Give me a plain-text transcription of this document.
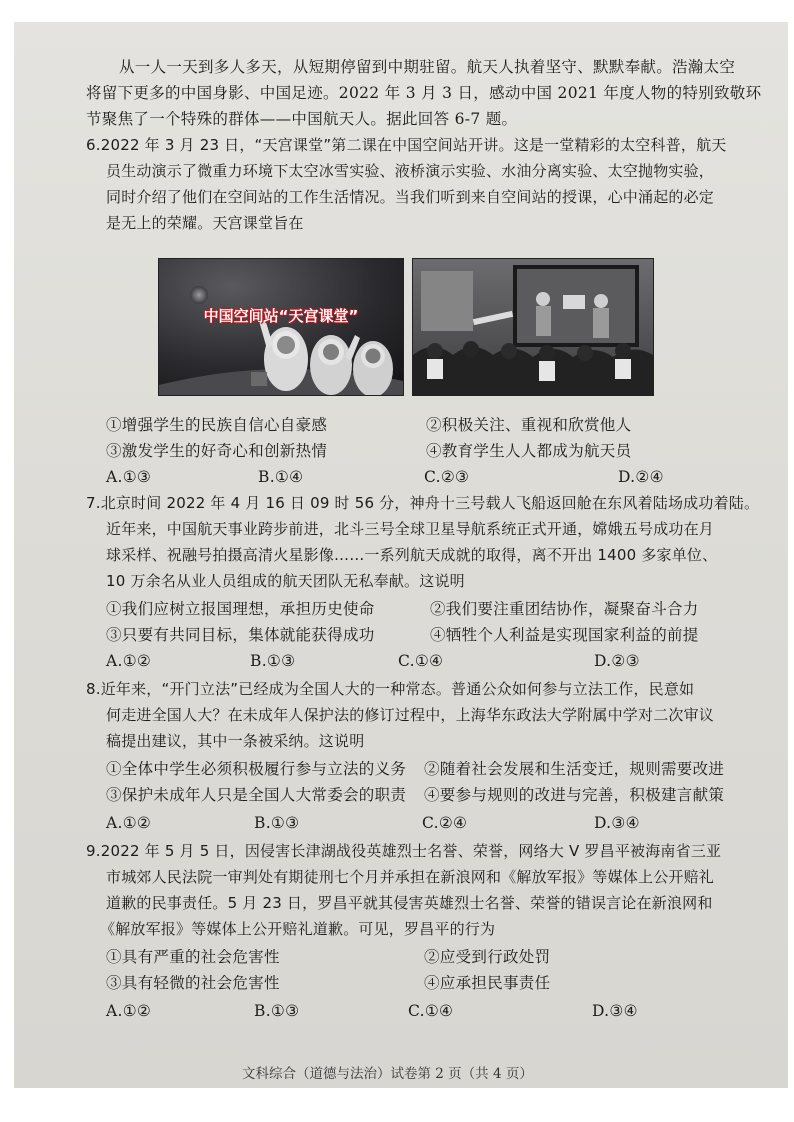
从一人一天到多人多天，从短期停留到中期驻留。航天人执着坚守、默默奉献。浩瀚太空
将留下更多的中国身影、中国足迹。2022 年 3 月 3 日，感动中国 2021 年度人物的特别致敬环
节聚焦了一个特殊的群体——中国航天人。据此回答 6-7 题。
6.2022 年 3 月 23 日，“天宫课堂”第二课在中国空间站开讲。这是一堂精彩的太空科普，航天
员生动演示了微重力环境下太空冰雪实验、液桥演示实验、水油分离实验、太空抛物实验，
同时介绍了他们在空间站的工作生活情况。当我们听到来自空间站的授课，心中涌起的必定
是无上的荣耀。天宫课堂旨在
中国空间站“天宫课堂”
①增强学生的民族自信心自豪感	②积极关注、重视和欣赏他人
③激发学生的好奇心和创新热情	④教育学生人人都成为航天员
A.①③	B.①④	C.②③	D.②④
7.北京时间 2022 年 4 月 16 日 09 时 56 分，神舟十三号载人飞船返回舱在东风着陆场成功着陆。
近年来，中国航天事业跨步前进，北斗三号全球卫星导航系统正式开通，嫦娥五号成功在月
球采样、祝融号拍摄高清火星影像……一系列航天成就的取得，离不开出 1400 多家单位、
10 万余名从业人员组成的航天团队无私奉献。这说明
①我们应树立报国理想，承担历史使命	②我们要注重团结协作，凝聚奋斗合力
③只要有共同目标，集体就能获得成功	④牺牲个人利益是实现国家利益的前提
A.①②	B.①③	C.①④	D.②③
8.近年来，“开门立法”已经成为全国人大的一种常态。普通公众如何参与立法工作，民意如
何走进全国人大？在未成年人保护法的修订过程中，上海华东政法大学附属中学对二次审议
稿提出建议，其中一条被采纳。这说明
①全体中学生必须积极履行参与立法的义务 ②随着社会发展和生活变迁，规则需要改进
③保护未成年人只是全国人大常委会的职责 ④要参与规则的改进与完善，积极建言献策
A.①②	B.①③	C.②④	D.③④
9.2022 年 5 月 5 日，因侵害长津湖战役英雄烈士名誉、荣誉，网络大 V 罗昌平被海南省三亚
市城郊人民法院一审判处有期徒刑七个月并承担在新浪网和《解放军报》等媒体上公开赔礼
道歉的民事责任。5 月 23 日，罗昌平就其侵害英雄烈士名誉、荣誉的错误言论在新浪网和
《解放军报》等媒体上公开赔礼道歉。可见，罗昌平的行为
①具有严重的社会危害性	②应受到行政处罚
③具有轻微的社会危害性	④应承担民事责任
A.①②	B.①③	C.①④	D.③④
文科综合（道德与法治）试卷第 2 页（共 4 页）
